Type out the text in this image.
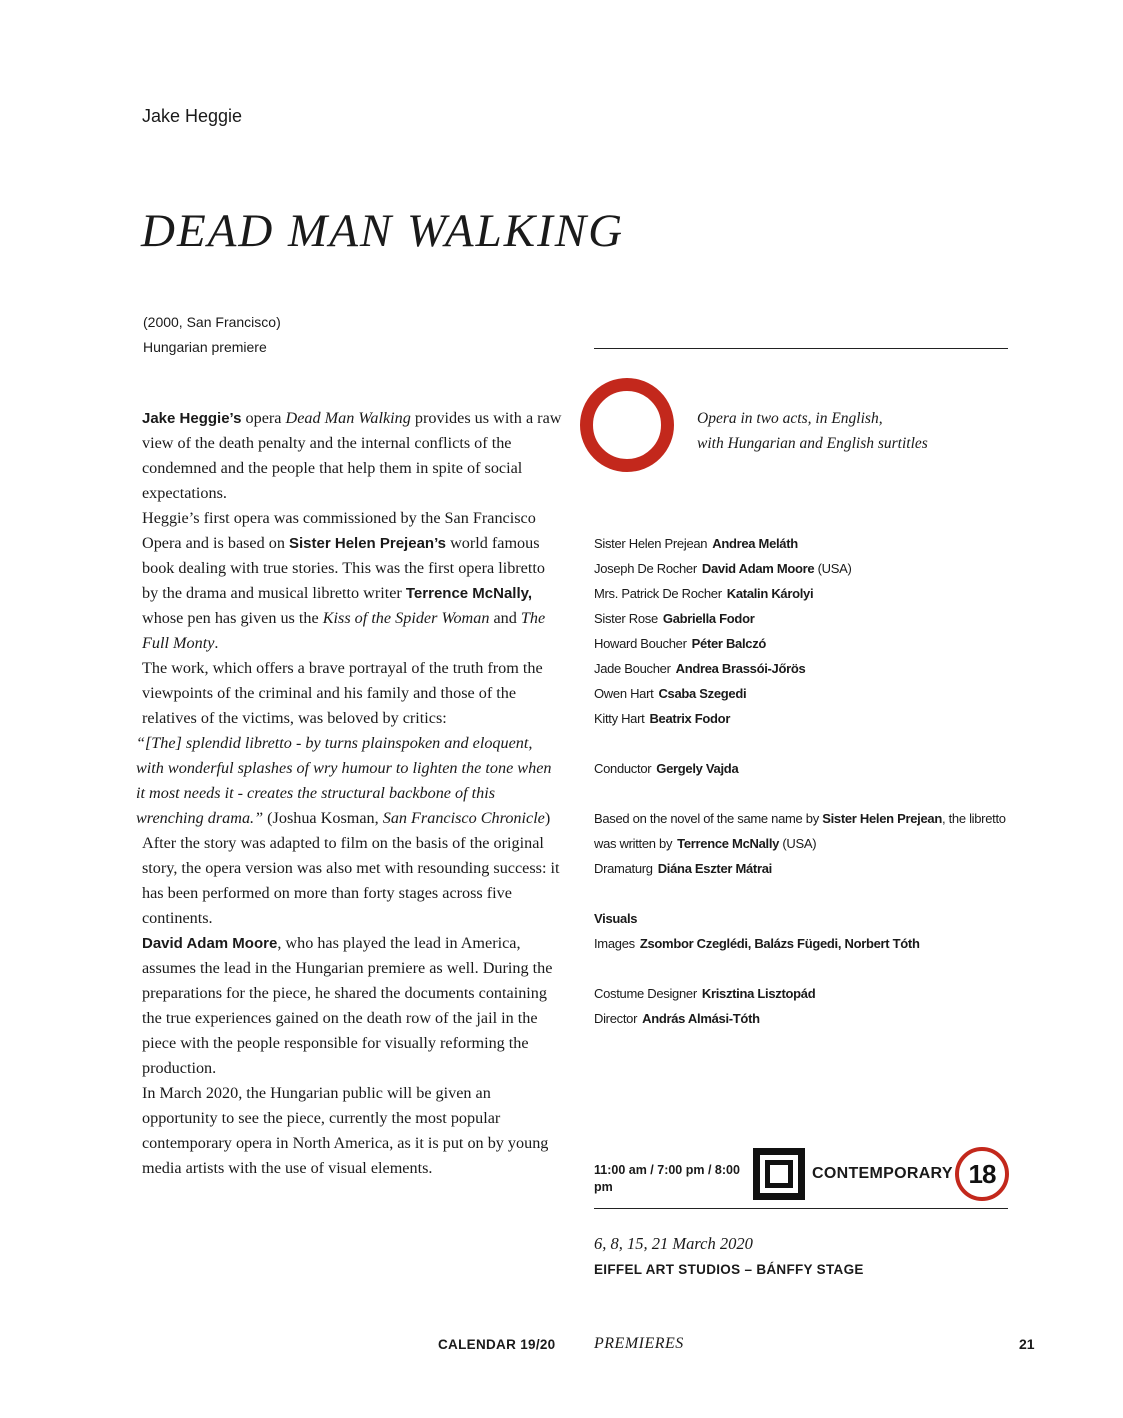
Jake Heggie
DEAD MAN WALKING
(2000, San Francisco)
Hungarian premiere

Jake Heggie’s opera Dead Man Walking provides us with a raw view of the death penalty and the internal conflicts of the condemned and the people that help them in spite of social expectations.

Heggie’s first opera was commissioned by the San Francisco Opera and is based on Sister Helen Prejean’s world famous book dealing with true stories. This was the first opera libretto by the drama and musical libretto writer Terrence McNally, whose pen has given us the Kiss of the Spider Woman and The Full Monty.

The work, which offers a brave portrayal of the truth from the viewpoints of the criminal and his family and those of the relatives of the victims, was beloved by critics:

“[The] splendid libretto - by turns plainspoken and eloquent, with wonderful splashes of wry humour to lighten the tone when it most needs it - creates the structural backbone of this wrenching drama.” (Joshua Kosman, San Francisco Chronicle)

After the story was adapted to film on the basis of the original story, the opera version was also met with resounding success: it has been performed on more than forty stages across five continents.

David Adam Moore, who has played the lead in America, assumes the lead in the Hungarian premiere as well. During the preparations for the piece, he shared the documents containing the true experiences gained on the death row of the jail in the piece with the people responsible for visually reforming the production.

In March 2020, the Hungarian public will be given an opportunity to see the piece, currently the most popular contemporary opera in North America, as it is put on by young media artists with the use of visual elements.

Opera in two acts, in English,
with Hungarian and English surtitles
Sister Helen Prejean Andrea Meláth
Joseph De Rocher David Adam Moore (USA)
Mrs. Patrick De Rocher Katalin Károlyi
Sister Rose Gabriella Fodor
Howard Boucher Péter Balczó
Jade Boucher Andrea Brassói-Jőrös
Owen Hart Csaba Szegedi
Kitty Hart Beatrix Fodor
Conductor Gergely Vajda
Based on the novel of the same name by Sister Helen Prejean, the libretto
was written by Terrence McNally (USA)
Dramaturg Diána Eszter Mátrai
Visuals
Images Zsombor Czeglédi, Balázs Fügedi, Norbert Tóth
Costume Designer Krisztina Lisztopád
Director András Almási-Tóth
11:00 am / 7:00 pm / 8:00 pm
CONTEMPORARY 18
6, 8, 15, 21 March 2020
EIFFEL ART STUDIOS – BÁNFFY STAGE
CALENDAR 19/20 PREMIERES	21
